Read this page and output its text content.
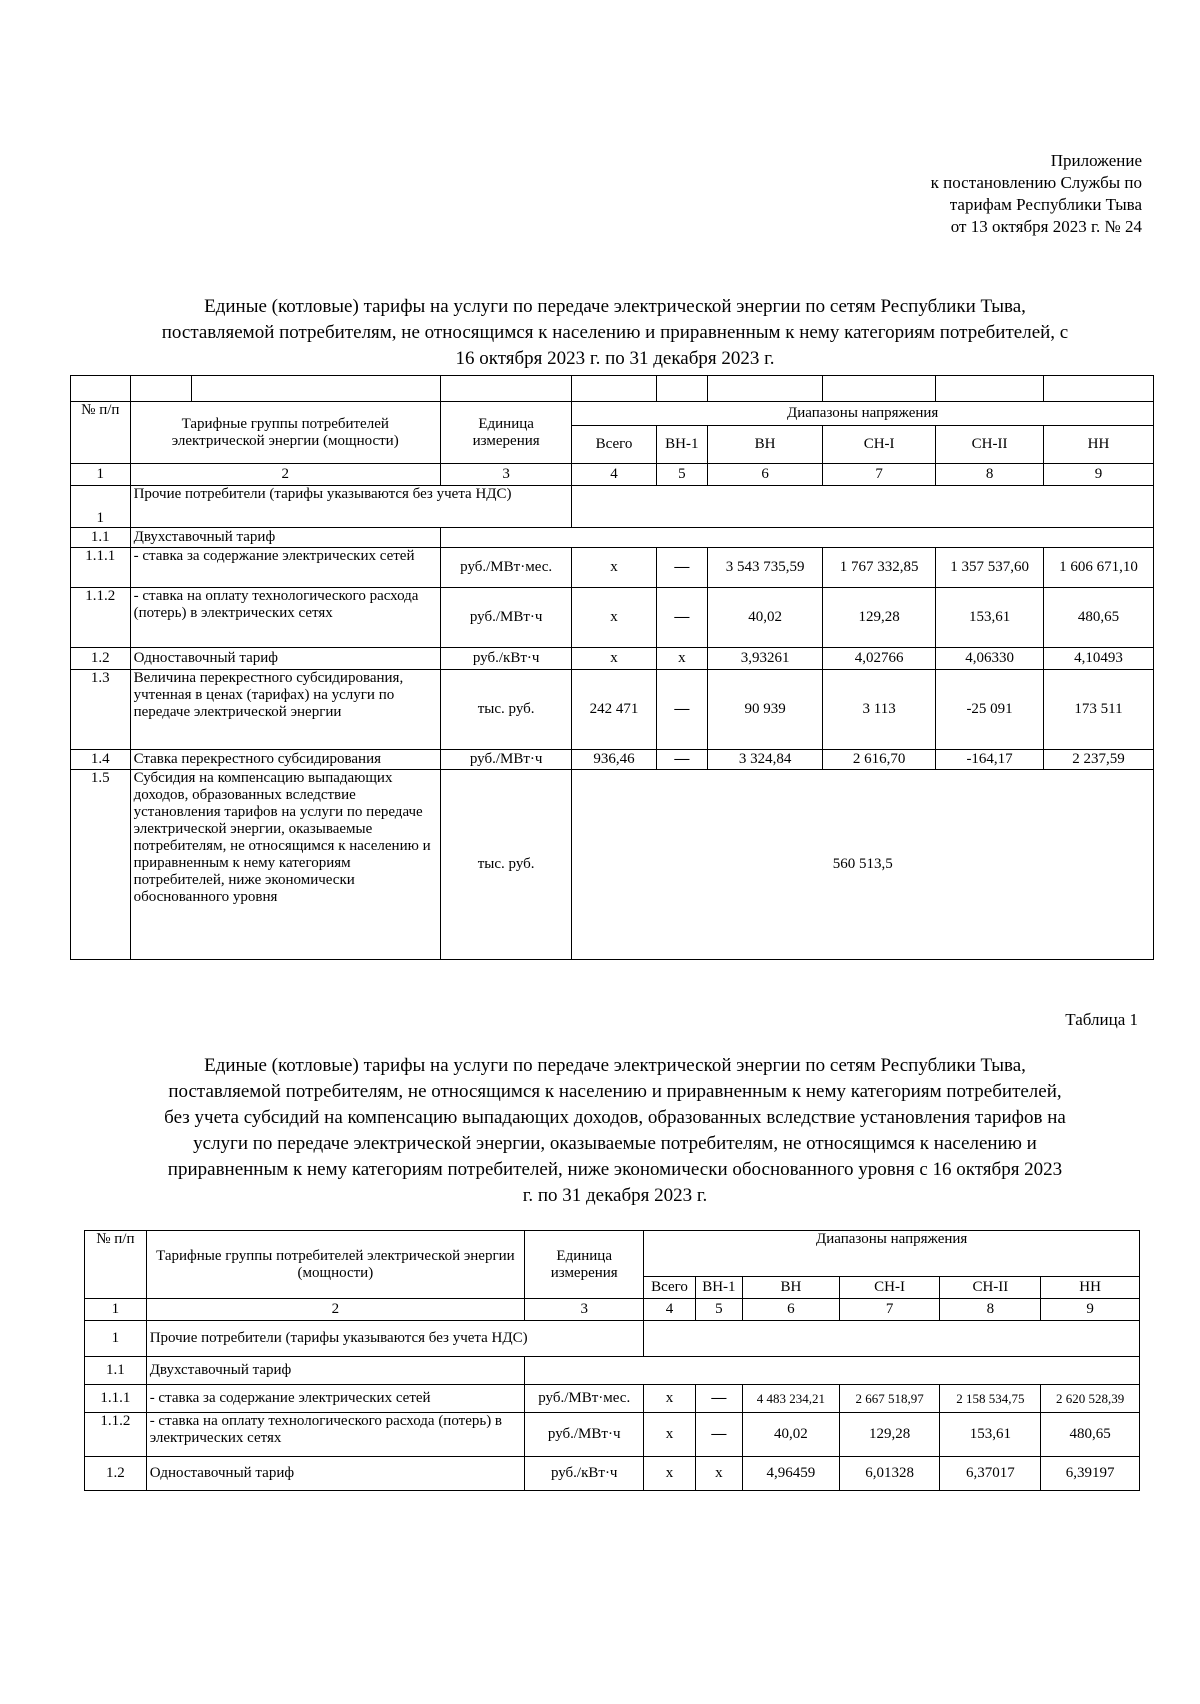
Приложение
к постановлению Службы по
тарифам Республики Тыва
от 13 октября 2023 г. № 24
Единые (котловые) тарифы на услуги по передаче электрической энергии по сетям Республики Тыва,
поставляемой потребителям, не относящимся к населению и приравненным к нему категориям потребителей, с
16 октября 2023 г. по 31 декабря 2023 г.

№ п/п	Тарифные группы потребителей электрической энергии (мощности)		Единица измерения	Диапазоны напряжения					
				Всего	ВН-1	ВН	СН-I	СН-II	НН
1	2		3	4	5	6	7	8	9
1	Прочие потребители (тарифы указываются без учета НДС)								
1.1	Двухставочный тариф								
1.1.1	- ставка за содержание электрических сетей		руб./МВт·мес.	х	—	3 543 735,59	1 767 332,85	1 357 537,60	1 606 671,10
1.1.2	- ставка на оплату технологического расхода (потерь) в электрических сетях		руб./МВт·ч	х	—	40,02	129,28	153,61	480,65
1.2	Одноставочный тариф		руб./кВт·ч	х	х	3,93261	4,02766	4,06330	4,10493
1.3	Величина перекрестного субсидирования, учтенная в ценах (тарифах) на услуги по передаче электрической энергии		тыс. руб.	242 471	—	90 939	3 113	-25 091	173 511
1.4	Ставка перекрестного субсидирования		руб./МВт·ч	936,46	—	3 324,84	2 616,70	-164,17	2 237,59
1.5	Субсидия на компенсацию выпадающих доходов, образованных вследствие установления тарифов на услуги по передаче электрической энергии, оказываемые потребителям, не относящимся к населению и приравненным к нему категориям потребителей, ниже экономически обоснованного уровня		тыс. руб.	560 513,5					
Таблица 1
Единые (котловые) тарифы на услуги по передаче электрической энергии по сетям Республики Тыва,
поставляемой потребителям, не относящимся к населению и приравненным к нему категориям потребителей,
без учета субсидий на компенсацию выпадающих доходов, образованных вследствие установления тарифов на
услуги по передаче электрической энергии, оказываемые потребителям, не относящимся к населению и
приравненным к нему категориям потребителей, ниже экономически обоснованного уровня с 16 октября 2023
г. по 31 декабря 2023 г.
№ п/п	Тарифные группы потребителей электрической энергии (мощности)	Единица измерения	Диапазоны напряжения					
			Всего	ВН-1	ВН	СН-I	СН-II	НН
1	2	3	4	5	6	7	8	9
1	Прочие потребители (тарифы указываются без учета НДС)							
1.1	Двухставочный тариф							
1.1.1	- ставка за содержание электрических сетей	руб./МВт·мес.	х	—	4 483 234,21	2 667 518,97	2 158 534,75	2 620 528,39
1.1.2	- ставка на оплату технологического расхода (потерь) в электрических сетях	руб./МВт·ч	х	—	40,02	129,28	153,61	480,65
1.2	Одноставочный тариф	руб./кВт·ч	х	х	4,96459	6,01328	6,37017	6,39197
